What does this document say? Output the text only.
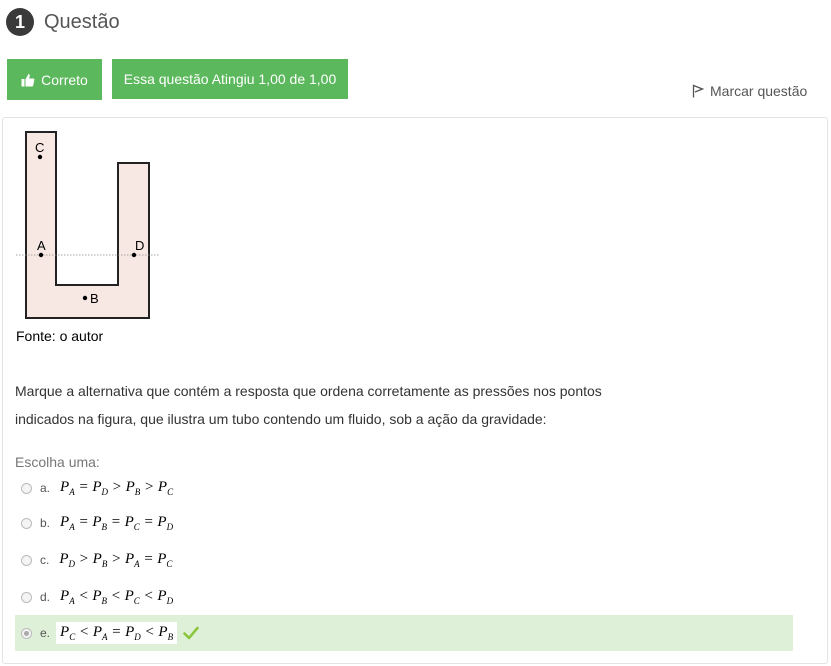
1 Questão
Correto	Essa questão Atingiu 1,00 de 1,00
Marcar questão
C
A	D
B
Fonte: o autor
Marque a alternativa que contém a resposta que ordena corretamente as pressões nos pontos
indicados na figura, que ilustra um tubo contendo um fluido, sob a ação da gravidade:
Escolha uma:
a. $P_A = P_D > P_B > P_C$
b. $P_A = P_B = P_C = P_D$
c. $P_D > P_B > P_A = P_C$
d. $P_A < P_B < P_C < P_D$
e. $P_C < P_A = P_D < P_B$
